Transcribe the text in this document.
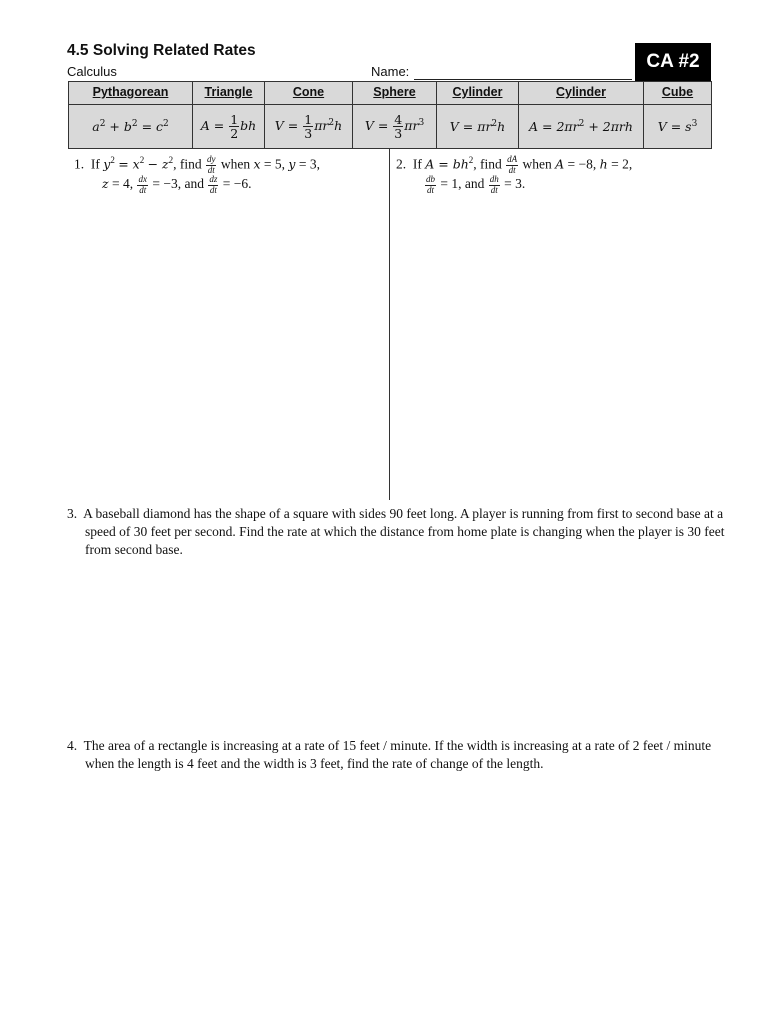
4.5 Solving Related Rates
Calculus	Name:	CA #2
Pythagorean	Triangle	Cone	Sphere	Cylinder	Cylinder	Cube
$a^2 + b^2 = c^2$	$A = \frac{1}{2}$ bh	$V = \frac{1}{3} \pi r^2h$	$V = \frac{4}{3} \pi r^3$	$V = \pi r^2h$	$A = 2\pi r^2 + 2\pi rh$	$V = s^3$
1.  If $y^2 = x^2 - z^2$, find $\frac{dy}{dt}$ when x = 5, y = 3,
z = 4, $\frac{dx}{dt} = -3$, and $\frac{dz}{dt} = -6$.
2.  If $A = bh^2$, find $\frac{dA}{dt}$ when A = −8, h = 2,
$\frac{db}{dt} = 1$, and $\frac{dh}{dt} = 3$.
3. A baseball diamond has the shape of a square with sides 90 feet long. A player is running from first to second base at a speed of 30 feet per second. Find the rate at which the distance from home plate is changing when the player is 30 feet from second base.
4. The area of a rectangle is increasing at a rate of 15 feet / minute. If the width is increasing at a rate of 2 feet / minute when the length is 4 feet and the width is 3 feet, find the rate of change of the length.
